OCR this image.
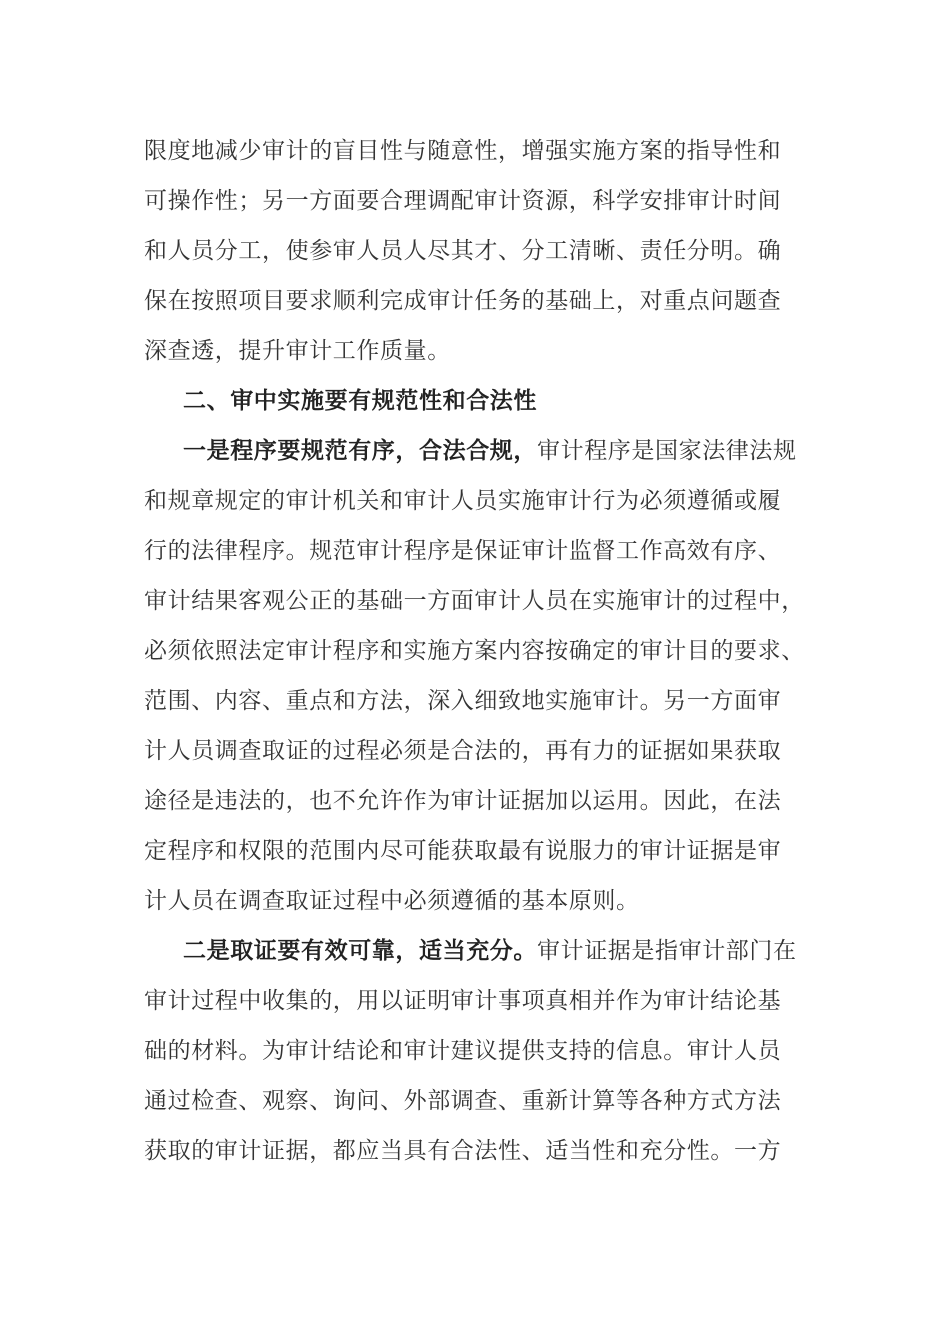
限度地减少审计的盲目性与随意性，增强实施方案的指导性和
可操作性；另一方面要合理调配审计资源，科学安排审计时间
和人员分工，使参审人员人尽其才、分工清晰、责任分明。确
保在按照项目要求顺利完成审计任务的基础上，对重点问题查
深查透，提升审计工作质量。
二、审中实施要有规范性和合法性
一是程序要规范有序，合法合规，审计程序是国家法律法规
和规章规定的审计机关和审计人员实施审计行为必须遵循或履
行的法律程序。规范审计程序是保证审计监督工作高效有序、
审计结果客观公正的基础一方面审计人员在实施审计的过程中，
必须依照法定审计程序和实施方案内容按确定的审计目的要求、
范围、内容、重点和方法，深入细致地实施审计。另一方面审
计人员调查取证的过程必须是合法的，再有力的证据如果获取
途径是违法的，也不允许作为审计证据加以运用。因此，在法
定程序和权限的范围内尽可能获取最有说服力的审计证据是审
计人员在调查取证过程中必须遵循的基本原则。
二是取证要有效可靠，适当充分。审计证据是指审计部门在
审计过程中收集的，用以证明审计事项真相并作为审计结论基
础的材料。为审计结论和审计建议提供支持的信息。审计人员
通过检查、观察、询问、外部调查、重新计算等各种方式方法
获取的审计证据，都应当具有合法性、适当性和充分性。一方
